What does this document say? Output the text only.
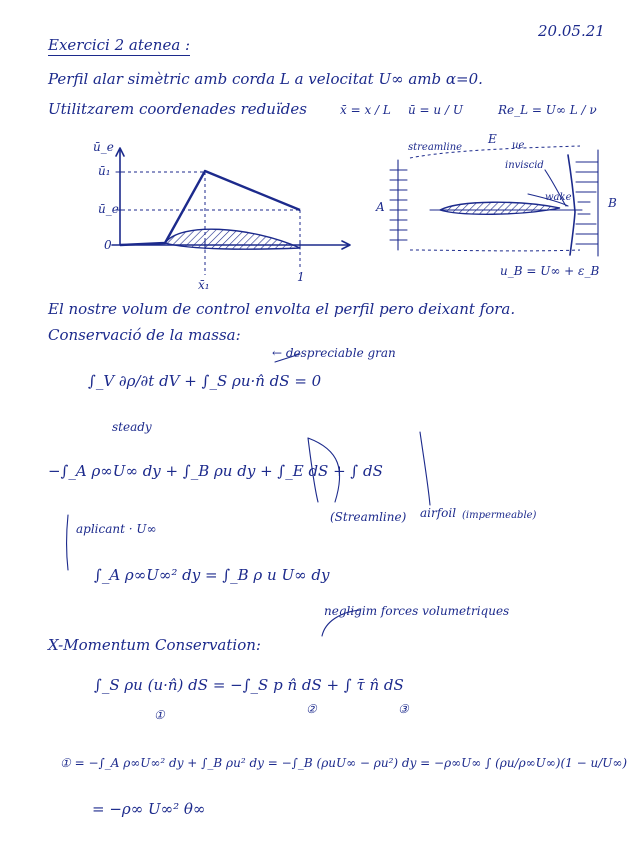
20.05.21
Exercici 2 atenea :
Perfil alar simètric amb corda L a velocitat U∞ amb α=0.
Utilitzarem coordenades reduïdes	x̄ = x / L ū = u / U	Re_L = U∞ L / ν
ū_e
ū₁
ū_e
0
x̄₁
1
streamline
E ue
inviscid
wake
A	B
u_B = U∞ + ε_B
El nostre volum de control envolta el perfil pero deixant fora.
Conservació de la massa:
← despreciable gran
∫_V ∂ρ/∂t dV + ∫_S ρu·n̂ dS = 0
steady
−∫_A ρ∞U∞ dy + ∫_B ρu dy + ∫_E dS + ∫ dS
(Streamline) airfoil (impermeable)
aplicant · U∞
∫_A ρ∞U∞² dy = ∫_B ρ u U∞ dy
negligim forces volumetriques
X-Momentum Conservation:
∫_S ρu (u·n̂) dS = −∫_S p n̂ dS + ∫ τ̄ n̂ dS
①	②	③
① = −∫_A ρ∞U∞² dy + ∫_B ρu² dy = −∫_B (ρuU∞ − ρu²) dy = −ρ∞U∞ ∫ (ρu/ρ∞U∞)(1 − u/U∞)
= −ρ∞ U∞² θ∞
